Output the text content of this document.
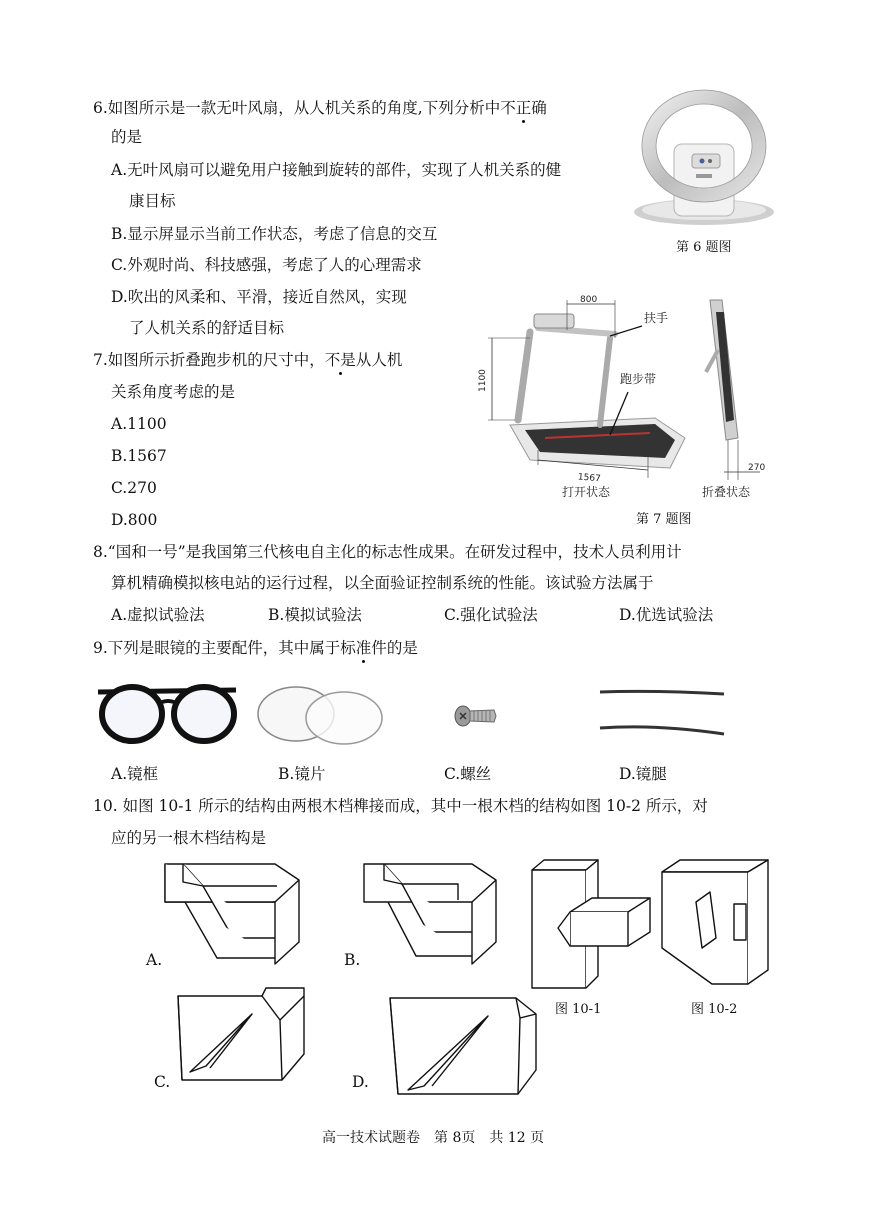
6.如图所示是一款无叶风扇，从人机关系的角度,下列分析中不正确
的是
A.无叶风扇可以避免用户接触到旋转的部件，实现了人机关系的健
康目标
B.显示屏显示当前工作状态，考虑了信息的交互
C.外观时尚、科技感强，考虑了人的心理需求
D.吹出的风柔和、平滑，接近自然风，实现
了人机关系的舒适目标
第 6 题图
7.如图所示折叠跑步机的尺寸中，不是从人机
关系角度考虑的是
A.1100
B.1567
C.270
D.800
800
1100
1567
扶手
跑步带
270
打开状态	折叠状态
第 7 题图
8.“国和一号”是我国第三代核电自主化的标志性成果。在研发过程中，技术人员利用计
算机精确模拟核电站的运行过程，以全面验证控制系统的性能。该试验方法属于
A.虚拟试验法	B.模拟试验法	C.强化试验法	D.优选试验法
9.下列是眼镜的主要配件，其中属于标准件的是
A.镜框	B.镜片	C.螺丝	D.镜腿
10. 如图 10-1 所示的结构由两根木档榫接而成，其中一根木档的结构如图 10-2 所示，对
应的另一根木档结构是
A.	B.
图 10-1	图 10-2
C.	D.
高一技术试题卷　第 8页　共 12 页
